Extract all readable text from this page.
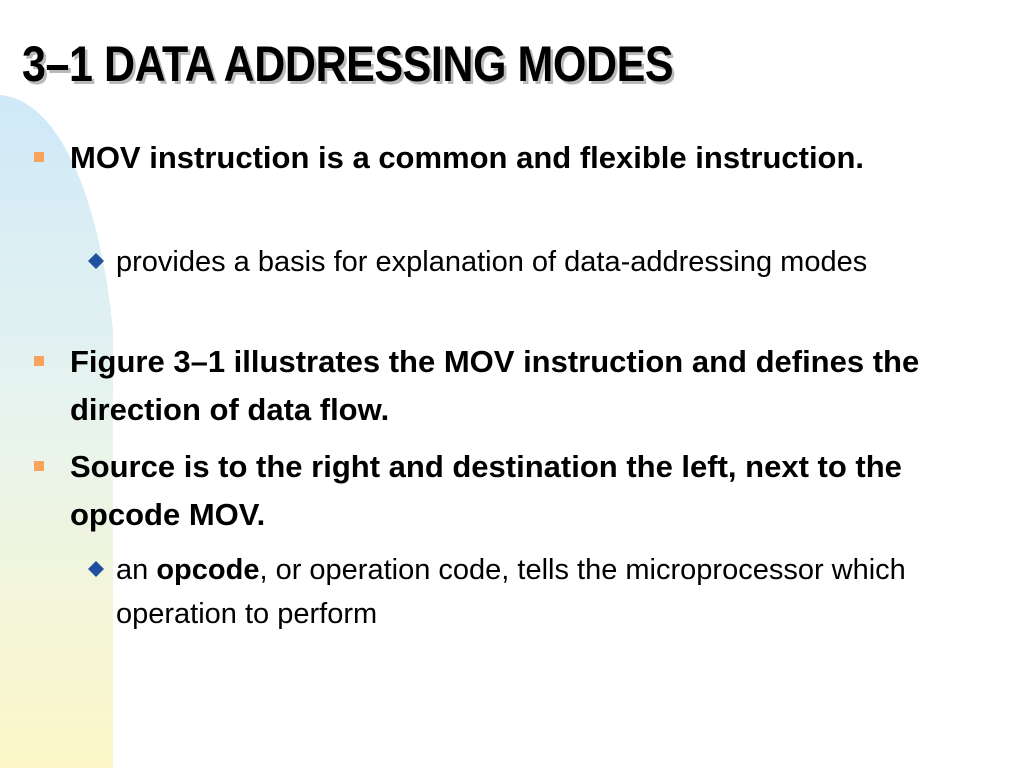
3–1 DATA ADDRESSING MODES
MOV instruction is a common and flexible instruction.
provides a basis for explanation of data-addressing modes
Figure 3–1 illustrates the MOV instruction and defines the direction of data flow.
Source is to the right and destination the left, next to the opcode MOV.
an opcode, or operation code, tells the microprocessor which operation to perform
